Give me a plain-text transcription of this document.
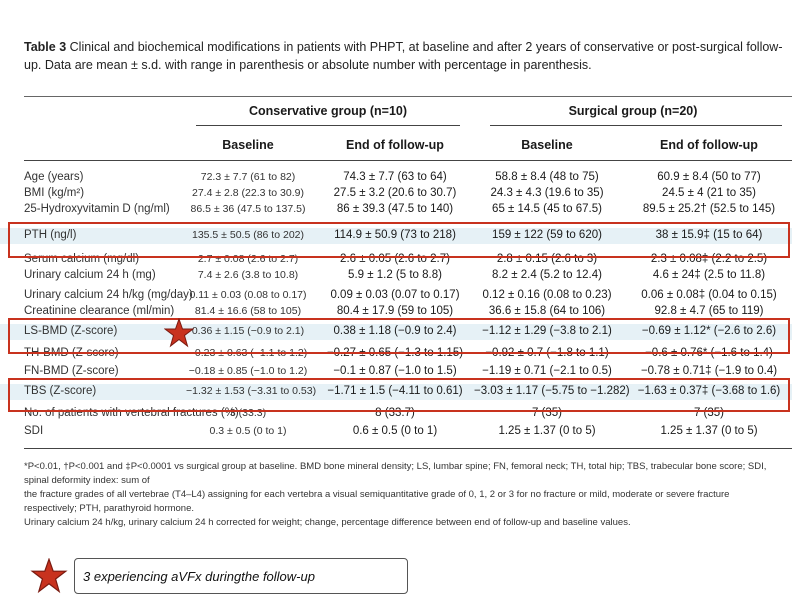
Table 3 Clinical and biochemical modifications in patients with PHPT, at baseline and after 2 years of conservative or post-surgical follow-up. Data are mean ± s.d. with range in parenthesis or absolute number with percentage in parenthesis.
Conservative group (n=10)	Surgical group (n=20)
Baseline	End of follow-up	Baseline	End of follow-up
Age (years)	72.3 ± 7.7 (61 to 82)	74.3 ± 7.7 (63 to 64)	58.8 ± 8.4 (48 to 75)	60.9 ± 8.4 (50 to 77)
BMI (kg/m²)	27.4 ± 2.8 (22.3 to 30.9)	27.5 ± 3.2 (20.6 to 30.7)	24.3 ± 4.3 (19.6 to 35)	24.5 ± 4 (21 to 35)
25-Hydroxyvitamin D (ng/ml)	86.5 ± 36 (47.5 to 137.5)	86 ± 39.3 (47.5 to 140)	65 ± 14.5 (45 to 67.5)	89.5 ± 25.2† (52.5 to 145)
PTH (ng/l)	135.5 ± 50.5 (86 to 202)	114.9 ± 50.9 (73 to 218)	159 ± 122 (59 to 620)	38 ± 15.9‡ (15 to 64)
Serum calcium (mg/dl)	2.7 ± 0.08 (2.6 to 2.7)	2.6 ± 0.05 (2.6 to 2.7)	2.8 ± 0.15 (2.6 to 3)	2.3 ± 0.08‡ (2.2 to 2.5)
Urinary calcium 24 h (mg)	7.4 ± 2.6 (3.8 to 10.8)	5.9 ± 1.2 (5 to 8.8)	8.2 ± 2.4 (5.2 to 12.4)	4.6 ± 24‡ (2.5 to 11.8)
Urinary calcium 24 h/kg (mg/day)
0.11 ± 0.03 (0.08 to 0.17)	0.09 ± 0.03 (0.07 to 0.17)	0.12 ± 0.16 (0.08 to 0.23)	0.06 ± 0.08‡ (0.04 to 0.15)
Creatinine clearance (ml/min)	81.4 ± 16.6 (58 to 105)	80.4 ± 17.9 (59 to 105)	36.6 ± 15.8 (64 to 106)	92.8 ± 4.7 (65 to 119)
LS-BMD (Z-score)	0.36 ± 1.15 (−0.9 to 2.1)	0.38 ± 1.18 (−0.9 to 2.4)	−1.12 ± 1.29 (−3.8 to 2.1)	−0.69 ± 1.12* (−2.6 to 2.6)
TH-BMD (Z-score)	−0.23 ± 0.63 (−1.1 to 1.2)	−0.27 ± 0.65 (−1.3 to 1.15)	−0.92 ± 0.7 (−1.8 to 1.1)	−0.6 ± 0.76* (−1.6 to 1.4)
FN-BMD (Z-score)	−0.18 ± 0.85 (−1.0 to 1.2)	−0.1 ± 0.87 (−1.0 to 1.5)	−1.19 ± 0.71 (−2.1 to 0.5)	−0.78 ± 0.71‡ (−1.9 to 0.4)
TBS (Z-score)	−1.32 ± 1.53 (−3.31 to 0.53) −1.71 ± 1.5 (−4.11 to 0.61) −3.03 ± 1.17 (−5.75 to −1.282) −1.63 ± 0.37‡ (−3.68 to 1.6)
No. of patients with vertebral fractures (%)
3 (33.3)	8 (33.7)	7 (35)	7 (35)
SDI	0.3 ± 0.5 (0 to 1)	0.6 ± 0.5 (0 to 1)	1.25 ± 1.37 (0 to 5)	1.25 ± 1.37 (0 to 5)
*P<0.01, †P<0.001 and ‡P<0.0001 vs surgical group at baseline. BMD bone mineral density; LS, lumbar spine; FN, femoral neck; TH, total hip; TBS, trabecular bone score; SDI, spinal deformity index: sum of
the fracture grades of all vertebrae (T4–L4) assigning for each vertebra a visual semiquantitative grade of 0, 1, 2 or 3 for no fracture or mild, moderate or severe fracture respectively; PTH, parathyroid hormone.
Urinary calcium 24 h/kg, urinary calcium 24 h corrected for weight; change, percentage difference between end of follow-up and baseline values.
3 experiencing aVFx duringthe follow-up
